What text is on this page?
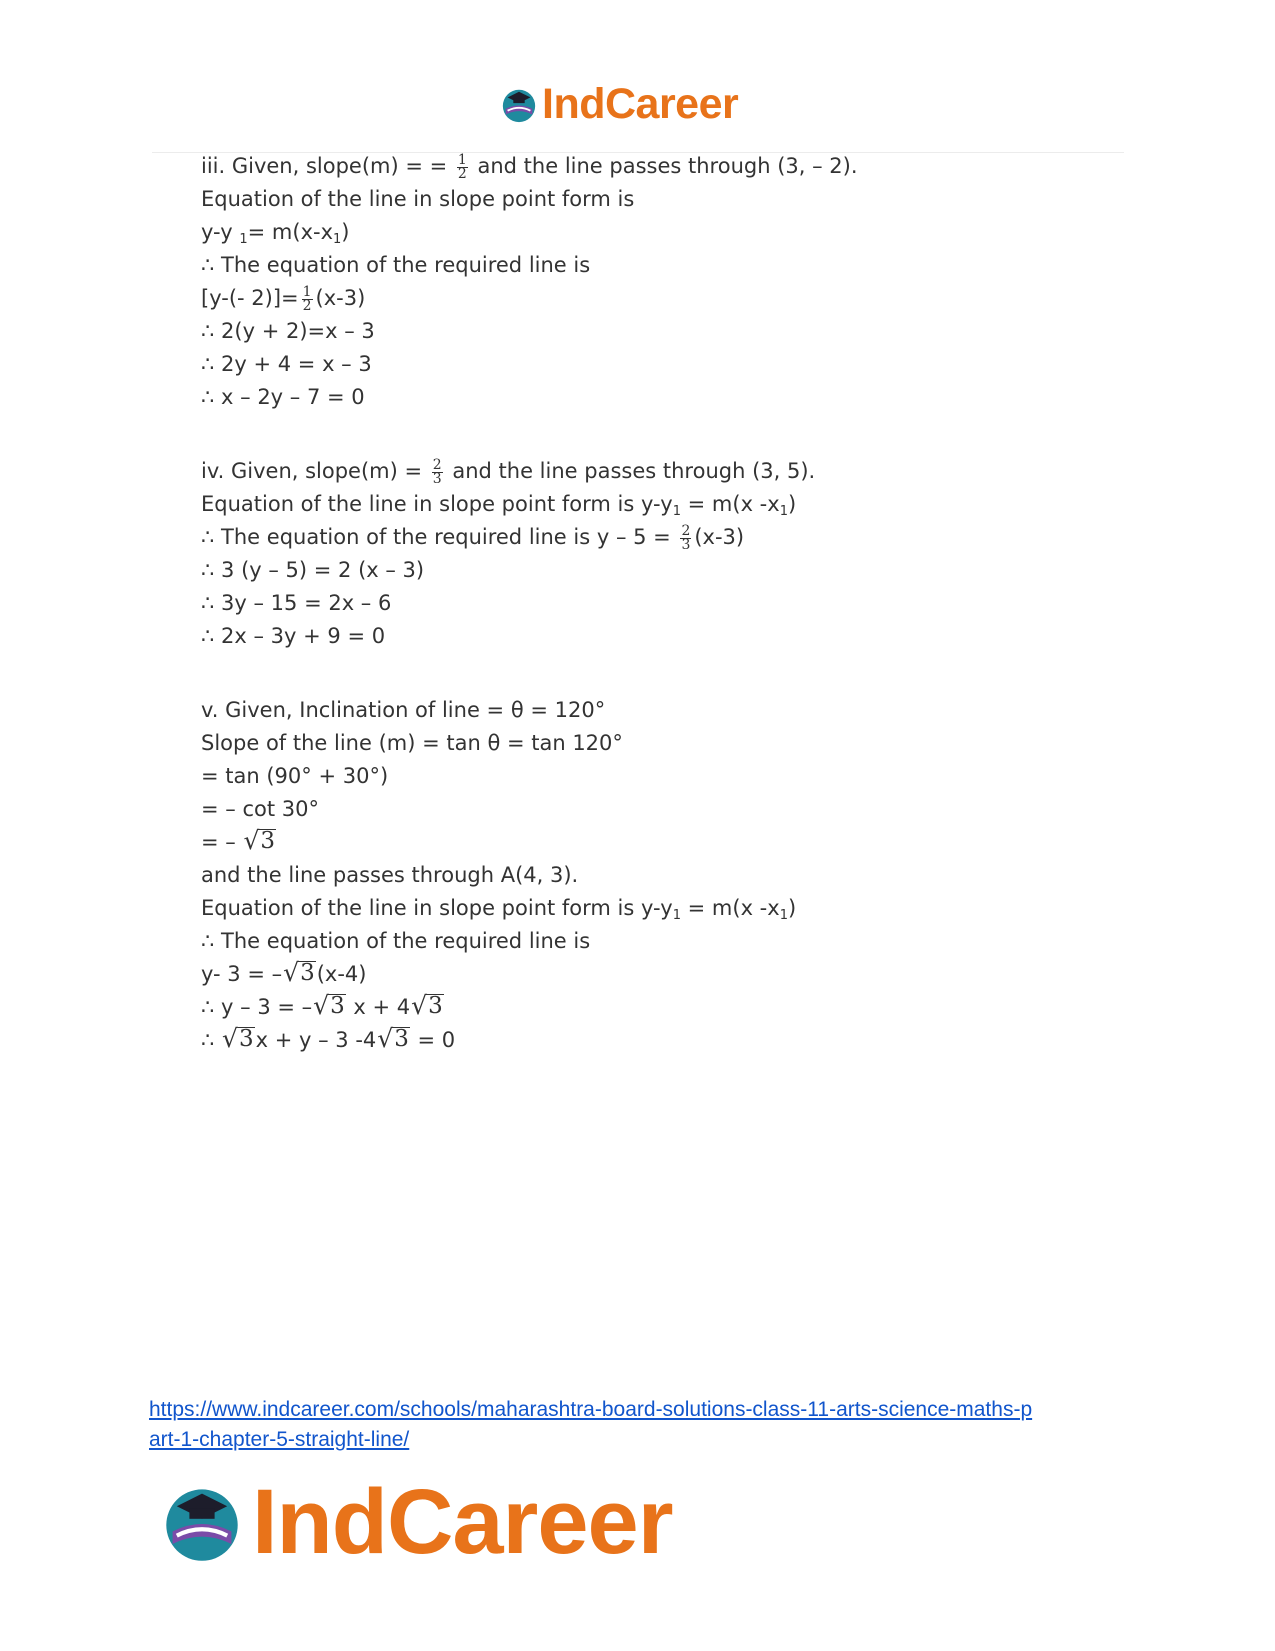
IndCareer
iii. Given, slope(m) = = $\frac{1}{2}$ and the line passes through (3, – 2).
Equation of the line in slope point form is
y-y $_1= m(x-x_1)$
∴ The equation of the required line is
[y-(- $2)]= \frac{1}{2} (x-3)$
∴ 2(y + 2)=x – 3
∴ 2y + 4 = x – 3
∴ x – 2y – 7 = 0
iv. Given, slope(m) = $\frac{2}{3}$ and the line passes through (3, 5).
Equation of the line in slope point form is $y-y_1 = m(x$ $-x_1$)
∴ The equation of the required line is $y - 5 = \frac{2}{3} (x-3)$
∴ 3 (y – 5) = 2 (x – 3)
∴ 3y – 15 = 2x – 6
∴ 2x – 3y + 9 = 0
v. Given, Inclination of line = θ = 120°
Slope of the line (m) = tan θ = tan 120°
= tan (90° + 30°)
= – cot 30°
= – √ 3
and the line passes through A(4, 3).
Equation of the line in slope point form is $y-y_1 = m(x$ $-x_1$)
∴ The equation of the required line is
y- 3 = – √ 3 (x-4)
∴ y – 3 = – √ 3 x + 4 √ 3
∴ √ 3 x + y – 3 -4 √ 3 = 0
https://www.indcareer.com/schools/maharashtra-board-solutions-class-11-arts-science-maths-p
art-1-chapter-5-straight-line/
IndCareer
